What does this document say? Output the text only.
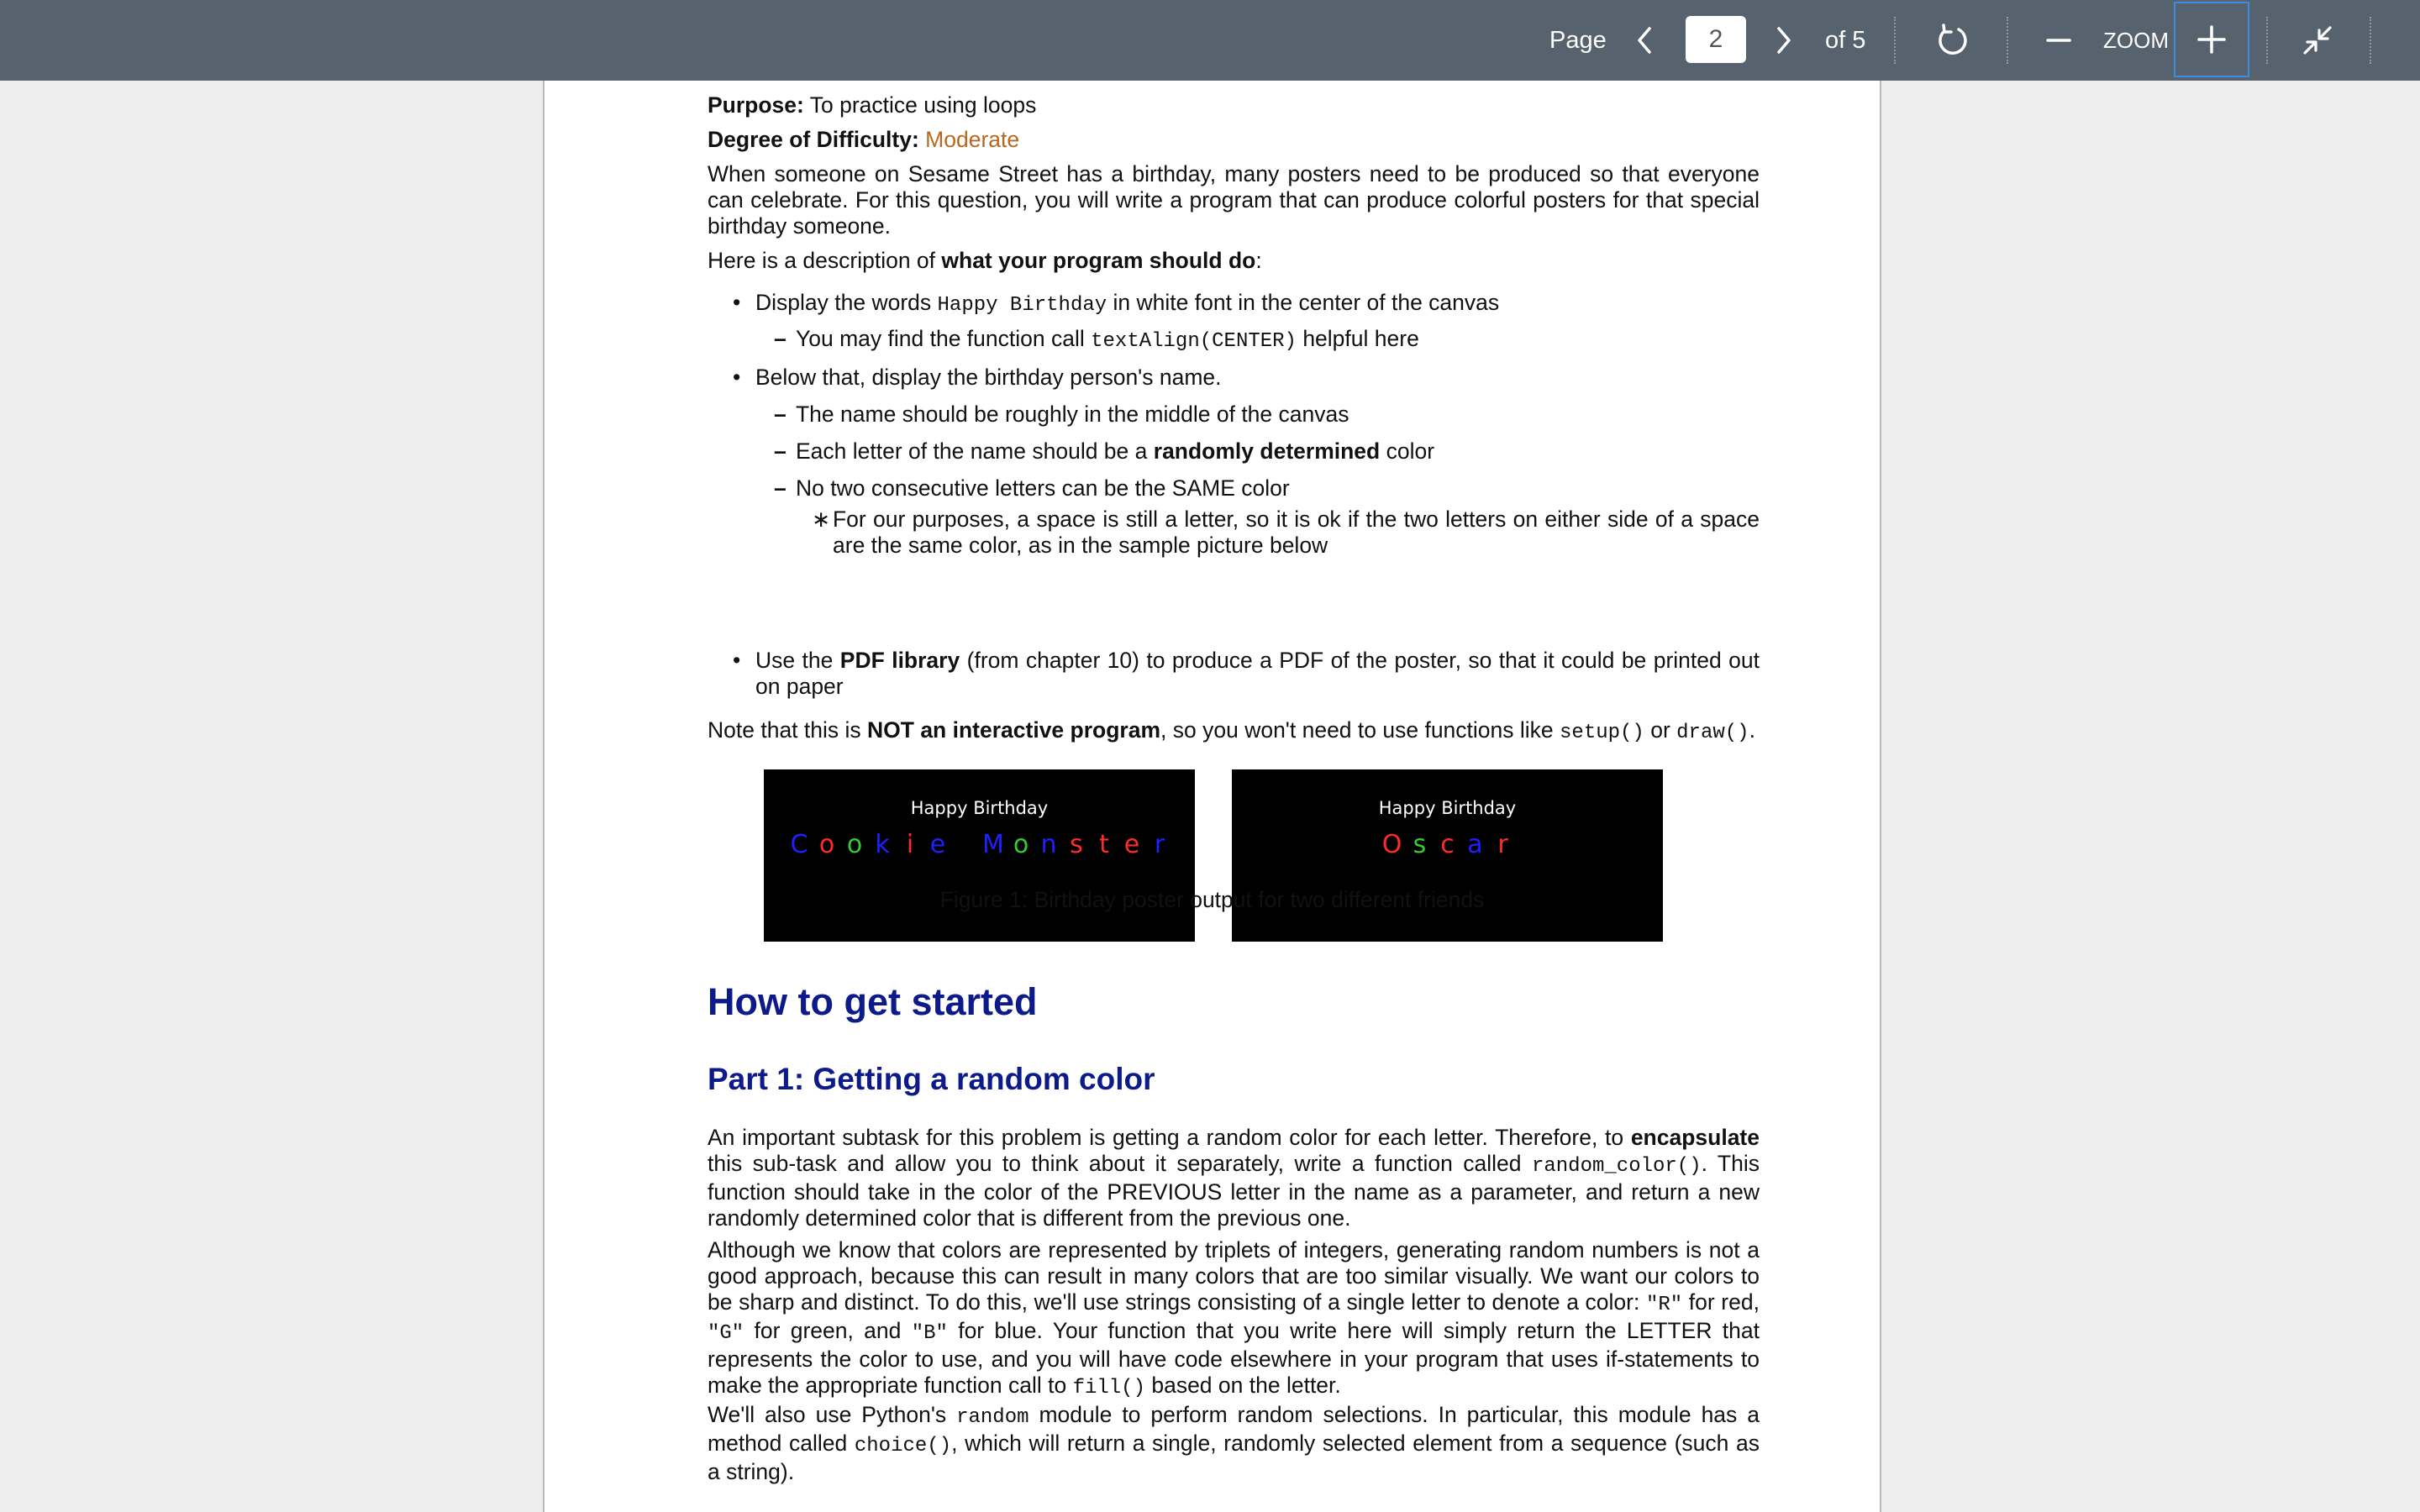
Page
2	of 5	ZOOM

Purpose: To practice using loops

Degree of Difficulty: Moderate

When someone on Sesame Street has a birthday, many posters need to be produced so that everyone can celebrate. For this question, you will write a program that can produce colorful posters for that special birthday someone.

Here is a description of what your program should do:

• Display the words Happy Birthday in white font in the center of the canvas
– You may find the function call textAlign(CENTER) helpful here
• Below that, display the birthday person's name.
– The name should be roughly in the middle of the canvas
– Each letter of the name should be a randomly determined color
– No two consecutive letters can be the SAME color
∗ For our purposes, a space is still a letter, so it is ok if the two letters on either side of a space are the same color, as in the sample picture below
• Use the PDF library (from chapter 10) to produce a PDF of the poster, so that it could be printed out on paper

Note that this is NOT an interactive program, so you won't need to use functions like setup() or draw().

Happy Birthday
C o o k i e M o n s t e r
Happy Birthday
O s c a r
Figure 1: Birthday poster output for two different friends
How to get started
Part 1: Getting a random color

An important subtask for this problem is getting a random color for each letter. Therefore, to encapsulate this sub-task and allow you to think about it separately, write a function called random_color(). This function should take in the color of the PREVIOUS letter in the name as a parameter, and return a new randomly determined color that is different from the previous one.

Although we know that colors are represented by triplets of integers, generating random numbers is not a good approach, because this can result in many colors that are too similar visually. We want our colors to be sharp and distinct. To do this, we'll use strings consisting of a single letter to denote a color: "R" for red, "G" for green, and "B" for blue. Your function that you write here will simply return the LETTER that represents the color to use, and you will have code elsewhere in your program that uses if-statements to make the appropriate function call to fill() based on the letter.

We'll also use Python's random module to perform random selections. In particular, this module has a method called choice(), which will return a single, randomly selected element from a sequence (such as a string).
